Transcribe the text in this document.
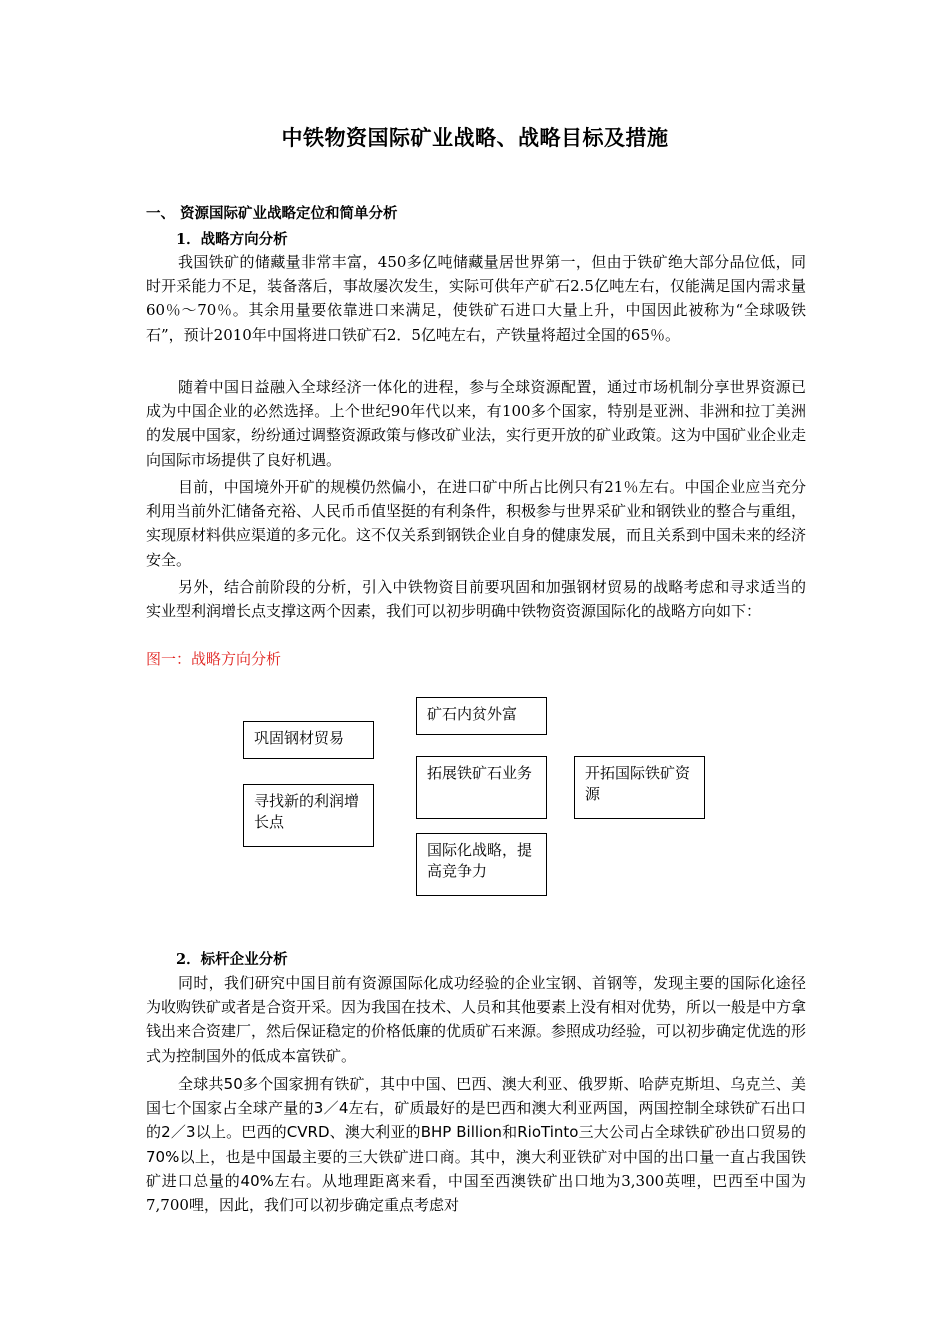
中铁物资国际矿业战略、战略目标及措施
一、 资源国际矿业战略定位和简单分析
1．战略方向分析

我国铁矿的储藏量非常丰富，450多亿吨储藏量居世界第一，但由于铁矿绝大部分品位低，同时开采能力不足，装备落后，事故屡次发生，实际可供年产矿石2.5亿吨左右，仅能满足国内需求量60％～70％。其余用量要依靠进口来满足，使铁矿石进口大量上升，中国因此被称为“全球吸铁石”，预计2010年中国将进口铁矿石2．5亿吨左右，产铁量将超过全国的65％。

随着中国日益融入全球经济一体化的进程，参与全球资源配置，通过市场机制分享世界资源已成为中国企业的必然选择。上个世纪90年代以来，有100多个国家，特别是亚洲、非洲和拉丁美洲的发展中国家，纷纷通过调整资源政策与修改矿业法，实行更开放的矿业政策。这为中国矿业企业走向国际市场提供了良好机遇。

目前，中国境外开矿的规模仍然偏小，在进口矿中所占比例只有21％左右。中国企业应当充分利用当前外汇储备充裕、人民币币值坚挺的有利条件，积极参与世界采矿业和钢铁业的整合与重组，实现原材料供应渠道的多元化。这不仅关系到钢铁企业自身的健康发展，而且关系到中国未来的经济安全。

另外，结合前阶段的分析，引入中铁物资目前要巩固和加强钢材贸易的战略考虑和寻求适当的实业型利润增长点支撑这两个因素，我们可以初步明确中铁物资资源国际化的战略方向如下：

图一：战略方向分析
巩固钢材贸易
寻找新的利润增长点
矿石内贫外富
拓展铁矿石业务
国际化战略，提高竞争力
开拓国际铁矿资源
2．标杆企业分析

同时，我们研究中国目前有资源国际化成功经验的企业宝钢、首钢等，发现主要的国际化途径为收购铁矿或者是合资开采。因为我国在技术、人员和其他要素上没有相对优势，所以一般是中方拿钱出来合资建厂，然后保证稳定的价格低廉的优质矿石来源。参照成功经验，可以初步确定优选的形式为控制国外的低成本富铁矿。

全球共50多个国家拥有铁矿，其中中国、巴西、澳大利亚、俄罗斯、哈萨克斯坦、乌克兰、美国七个国家占全球产量的3／4左右，矿质最好的是巴西和澳大利亚两国，两国控制全球铁矿石出口的2／3以上。巴西的CVRD、澳大利亚的BHP Billion和RioTinto三大公司占全球铁矿砂出口贸易的70%以上，也是中国最主要的三大铁矿进口商。其中，澳大利亚铁矿对中国的出口量一直占我国铁矿进口总量的40%左右。从地理距离来看，中国至西澳铁矿出口地为3,300英哩，巴西至中国为7,700哩，因此，我们可以初步确定重点考虑对
